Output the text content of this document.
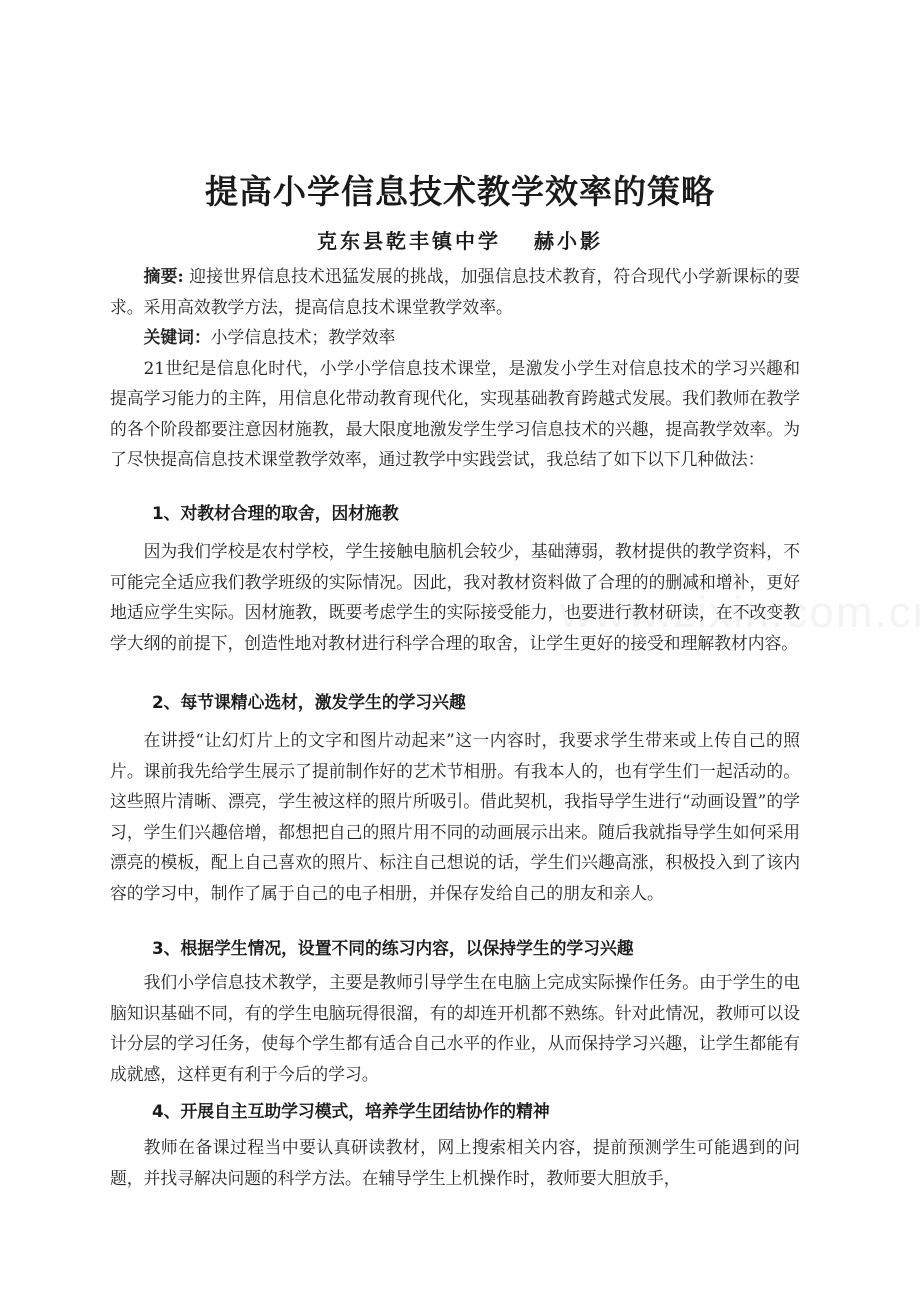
提高小学信息技术教学效率的策略
克东县乾丰镇中学　 赫小影

摘要: 迎接世界信息技术迅猛发展的挑战，加强信息技术教育，符合现代小学新课标的要求。采用高效教学方法，提高信息技术课堂教学效率。

关键词：小学信息技术；教学效率

21世纪是信息化时代，小学小学信息技术课堂，是激发小学生对信息技术的学习兴趣和提高学习能力的主阵，用信息化带动教育现代化，实现基础教育跨越式发展。我们教师在教学的各个阶段都要注意因材施教，最大限度地激发学生学习信息技术的兴趣，提高教学效率。为了尽快提高信息技术课堂教学效率，通过教学中实践尝试，我总结了如下以下几种做法：

1、对教材合理的取舍，因材施教

因为我们学校是农村学校，学生接触电脑机会较少，基础薄弱，教材提供的教学资料，不可能完全适应我们教学班级的实际情况。因此，我对教材资料做了合理的的删减和增补，更好地适应学生实际。因材施教，既要考虑学生的实际接受能力，也要进行教材研读，在不改变教学大纲的前提下，创造性地对教材进行科学合理的取舍，让学生更好的接受和理解教材内容。

2、每节课精心选材，激发学生的学习兴趣

在讲授“让幻灯片上的文字和图片动起来”这一内容时，我要求学生带来或上传自己的照片。课前我先给学生展示了提前制作好的艺术节相册。有我本人的，也有学生们一起活动的。这些照片清晰、漂亮，学生被这样的照片所吸引。借此契机，我指导学生进行“动画设置”的学习，学生们兴趣倍增，都想把自己的照片用不同的动画展示出来。随后我就指导学生如何采用漂亮的模板，配上自己喜欢的照片、标注自己想说的话，学生们兴趣高涨，积极投入到了该内容的学习中，制作了属于自己的电子相册，并保存发给自己的朋友和亲人。

3、根据学生情况，设置不同的练习内容，以保持学生的学习兴趣

我们小学信息技术教学，主要是教师引导学生在电脑上完成实际操作任务。由于学生的电脑知识基础不同，有的学生电脑玩得很溜，有的却连开机都不熟练。针对此情况，教师可以设计分层的学习任务，使每个学生都有适合自己水平的作业，从而保持学习兴趣，让学生都能有成就感，这样更有利于今后的学习。

4、开展自主互助学习模式，培养学生团结协作的精神

教师在备课过程当中要认真研读教材，网上搜索相关内容，提前预测学生可能遇到的问题，并找寻解决问题的科学方法。在辅导学生上机操作时，教师要大胆放手，
